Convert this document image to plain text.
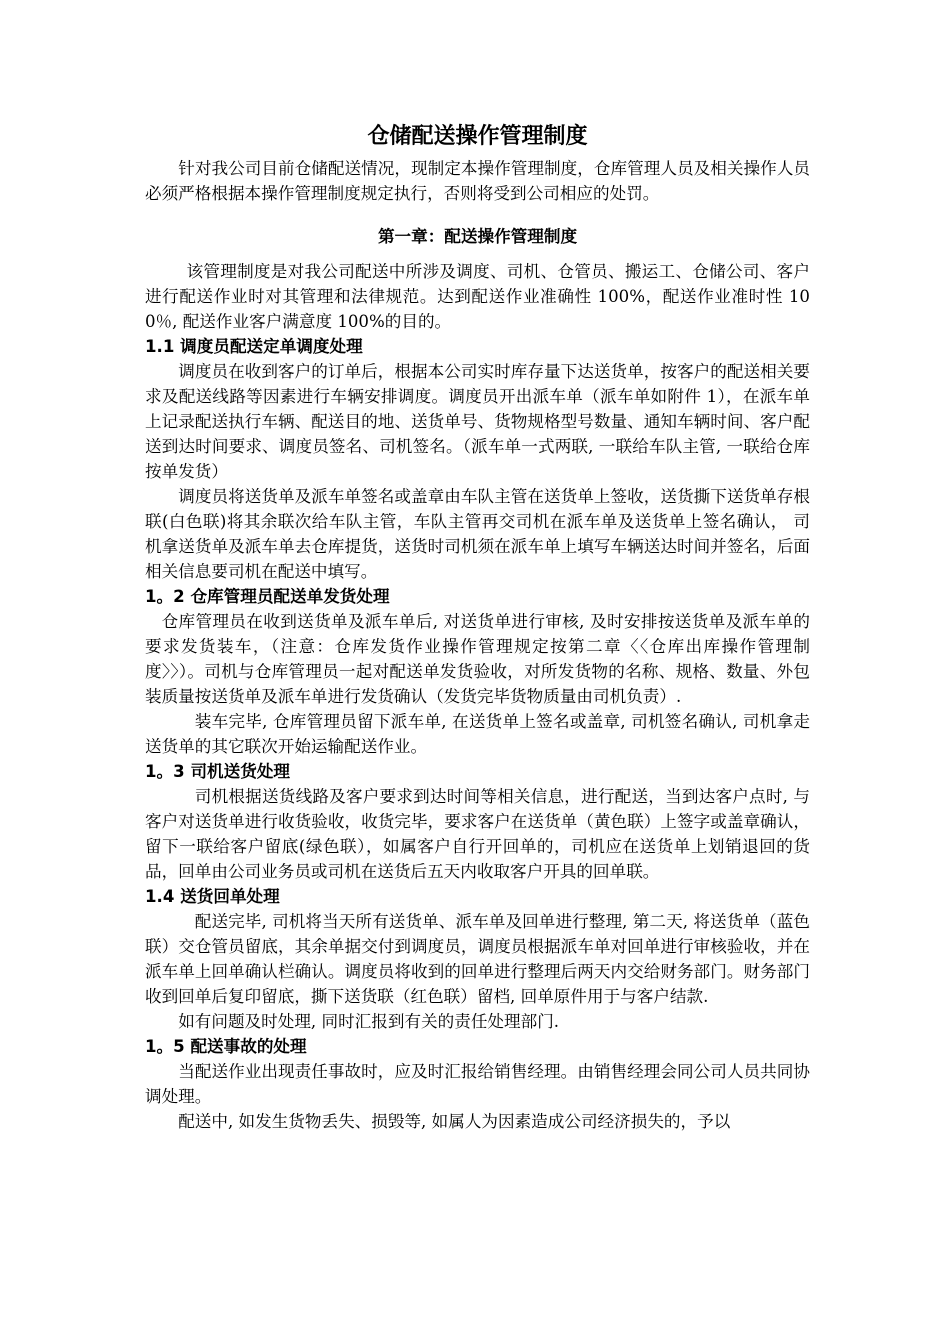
仓储配送操作管理制度

针对我公司目前仓储配送情况，现制定本操作管理制度，仓库管理人员及相关操作人员必须严格根据本操作管理制度规定执行，否则将受到公司相应的处罚。

第一章：配送操作管理制度

该管理制度是对我公司配送中所涉及调度、司机、仓管员、搬运工、仓储公司、客户进行配送作业时对其管理和法律规范。达到配送作业准确性 100%，配送作业准时性 100％, 配送作业客户满意度 100%的目的。

1.1 调度员配送定单调度处理

调度员在收到客户的订单后，根据本公司实时库存量下达送货单，按客户的配送相关要求及配送线路等因素进行车辆安排调度。调度员开出派车单（派车单如附件 1），在派车单上记录配送执行车辆、配送目的地、送货单号、货物规格型号数量、通知车辆时间、客户配送到达时间要求、调度员签名、司机签名。（派车单一式两联, 一联给车队主管, 一联给仓库按单发货）

调度员将送货单及派车单签名或盖章由车队主管在送货单上签收，送货撕下送货单存根联(白色联)将其余联次给车队主管，车队主管再交司机在派车单及送货单上签名确认， 司机拿送货单及派车单去仓库提货，送货时司机须在派车单上填写车辆送达时间并签名，后面相关信息要司机在配送中填写。

1。2 仓库管理员配送单发货处理

仓库管理员在收到送货单及派车单后, 对送货单进行审核, 及时安排按送货单及派车单的要求发货装车，（注意：仓库发货作业操作管理规定按第二章〈〈仓库出库操作管理制度〉〉）。司机与仓库管理员一起对配送单发货验收，对所发货物的名称、规格、数量、外包装质量按送货单及派车单进行发货确认（发货完毕货物质量由司机负责）.

装车完毕, 仓库管理员留下派车单, 在送货单上签名或盖章, 司机签名确认, 司机拿走送货单的其它联次开始运输配送作业。

1。3 司机送货处理

司机根据送货线路及客户要求到达时间等相关信息，进行配送，当到达客户点时, 与客户对送货单进行收货验收，收货完毕，要求客户在送货单（黄色联）上签字或盖章确认，留下一联给客户留底(绿色联），如属客户自行开回单的，司机应在送货单上划销退回的货品，回单由公司业务员或司机在送货后五天内收取客户开具的回单联。

1.4 送货回单处理

配送完毕, 司机将当天所有送货单、派车单及回单进行整理, 第二天, 将送货单（蓝色联）交仓管员留底，其余单据交付到调度员，调度员根据派车单对回单进行审核验收，并在派车单上回单确认栏确认。调度员将收到的回单进行整理后两天内交给财务部门。财务部门收到回单后复印留底，撕下送货联（红色联）留档, 回单原件用于与客户结款.

如有问题及时处理, 同时汇报到有关的责任处理部门.

1。5 配送事故的处理

当配送作业出现责任事故时，应及时汇报给销售经理。由销售经理会同公司人员共同协调处理。

配送中, 如发生货物丢失、损毁等, 如属人为因素造成公司经济损失的，予以
